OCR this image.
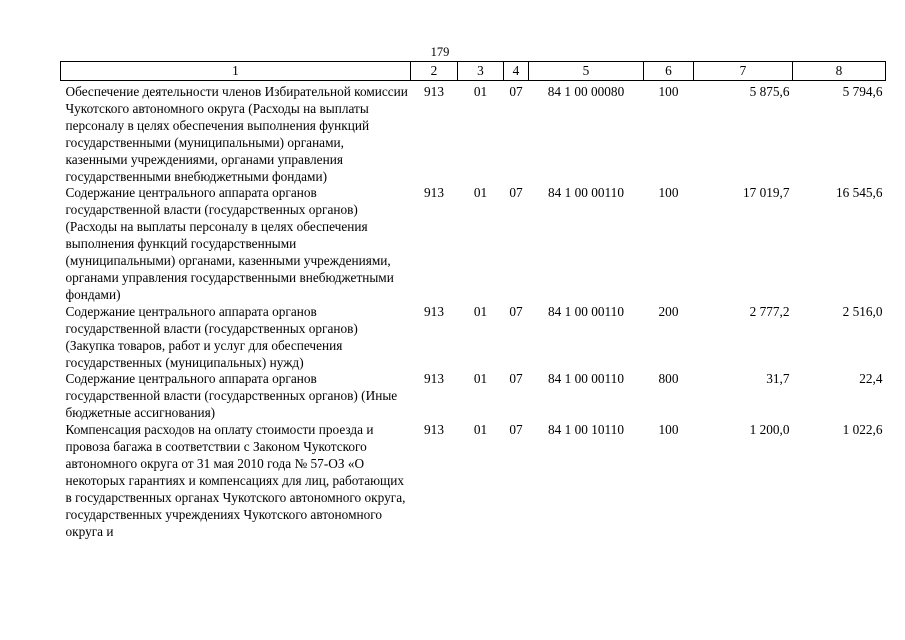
179
1	2	3	4	5	6	7	8
Обеспечение деятельности членов Избирательной комиссии Чукотского автономного округа (Расходы на выплаты персоналу в целях обеспечения выполнения функций государственными (муниципальными) органами, казенными учреждениями, органами управления государственными внебюджетными фондами)	913	01	07	84 1 00 00080	100	5 875,6	5 794,6
Содержание центрального аппарата органов государственной власти (государственных органов) (Расходы на выплаты персоналу в целях обеспечения выполнения функций государственными (муниципальными) органами, казенными учреждениями, органами управления государственными внебюджетными фондами)	913	01	07	84 1 00 00110	100	17 019,7	16 545,6
Содержание центрального аппарата органов государственной власти (государственных органов) (Закупка товаров, работ и услуг для обеспечения государственных (муниципальных) нужд)	913	01	07	84 1 00 00110	200	2 777,2	2 516,0
Содержание центрального аппарата органов государственной власти (государственных органов) (Иные бюджетные ассигнования)	913	01	07	84 1 00 00110	800	31,7	22,4
Компенсация расходов на оплату стоимости проезда и провоза багажа в соответствии с Законом Чукотского автономного округа от 31 мая 2010 года № 57-ОЗ «О некоторых гарантиях и компенсациях для лиц, работающих в государственных органах Чукотского автономного округа, государственных учреждениях Чукотского автономного округа и	913	01	07	84 1 00 10110	100	1 200,0	1 022,6
